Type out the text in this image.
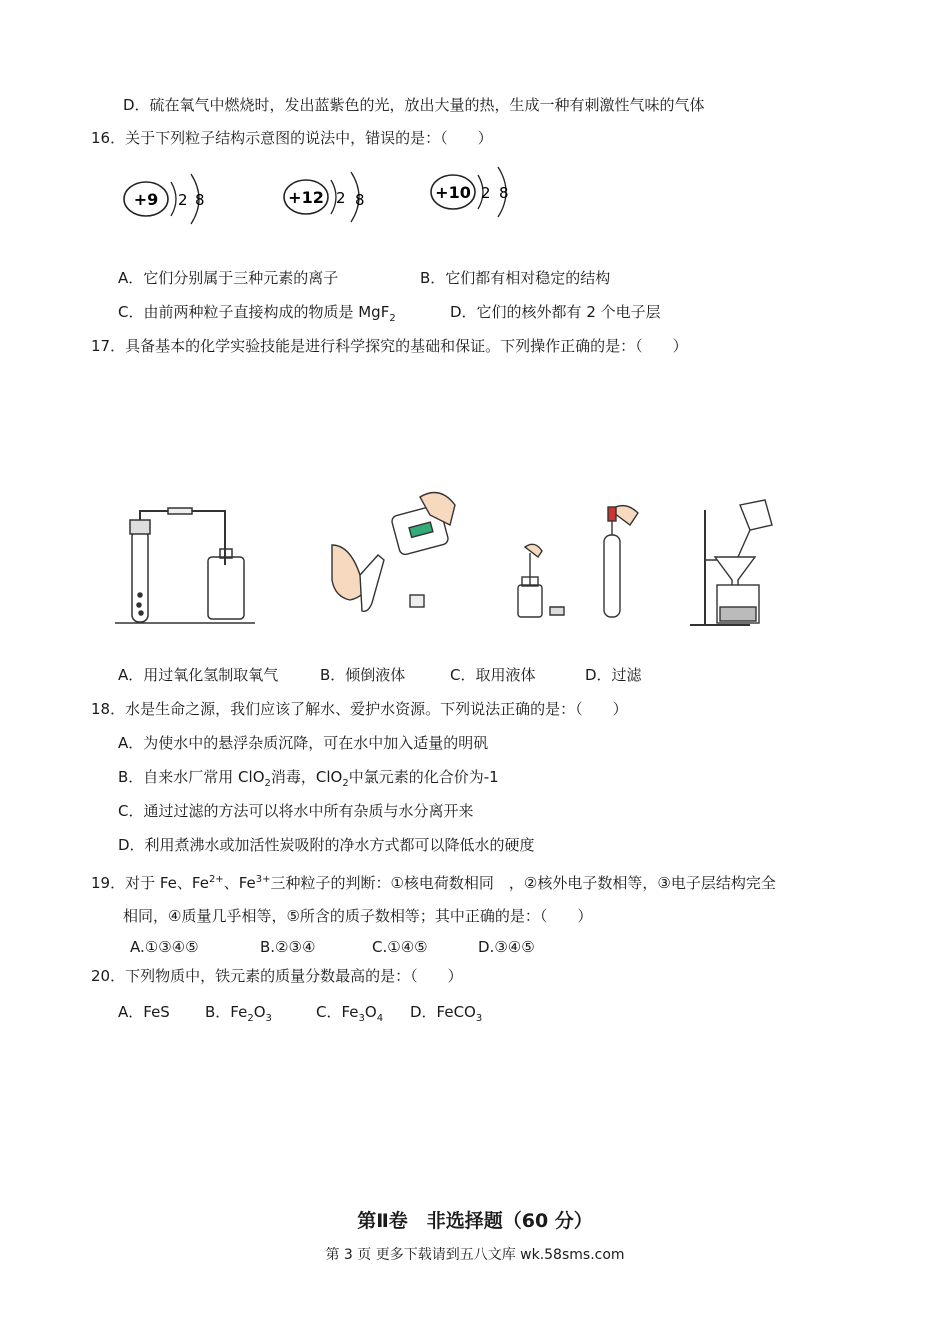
D．硫在氧气中燃烧时，发出蓝紫色的光，放出大量的热，生成一种有刺激性气味的气体
16．关于下列粒子结构示意图的说法中，错误的是：（　　）
+9 2 8	+12 2 8	+10 2 8
A．它们分别属于三种元素的离子	B．它们都有相对稳定的结构
C．由前两种粒子直接构成的物质是 MgF$_2$	D．它们的核外都有 2 个电子层
17．具备基本的化学实验技能是进行科学探究的基础和保证。下列操作正确的是：（　　）
A．用过氧化氢制取氧气	B．倾倒液体	C．取用液体	D．过滤
18．水是生命之源，我们应该了解水、爱护水资源。下列说法正确的是：（　　）
A．为使水中的悬浮杂质沉降，可在水中加入适量的明矾
B．自来水厂常用 ClO$_2$消毒，ClO$_2$中氯元素的化合价为-1
C．通过过滤的方法可以将水中所有杂质与水分离开来
D．利用煮沸水或加活性炭吸附的净水方式都可以降低水的硬度
19．对于 Fe、$Fe^{2+}$、$Fe^{3+}$三种粒子的判断：①核电荷数相同　，②核外电子数相等，③电子层结构完全
相同，④质量几乎相等，⑤所含的质子数相等；其中正确的是：（　　）
A.①③④⑤	B.②③④	C.①④⑤	D.③④⑤
20．下列物质中，铁元素的质量分数最高的是：（　　）
A．FeS B．$Fe_2O_3$	C．$Fe_3O_4$ D．FeCO$_3$
第Ⅱ卷　非选择题（60 分）
第 3 页 更多下载请到五八文库 wk.58sms.com
